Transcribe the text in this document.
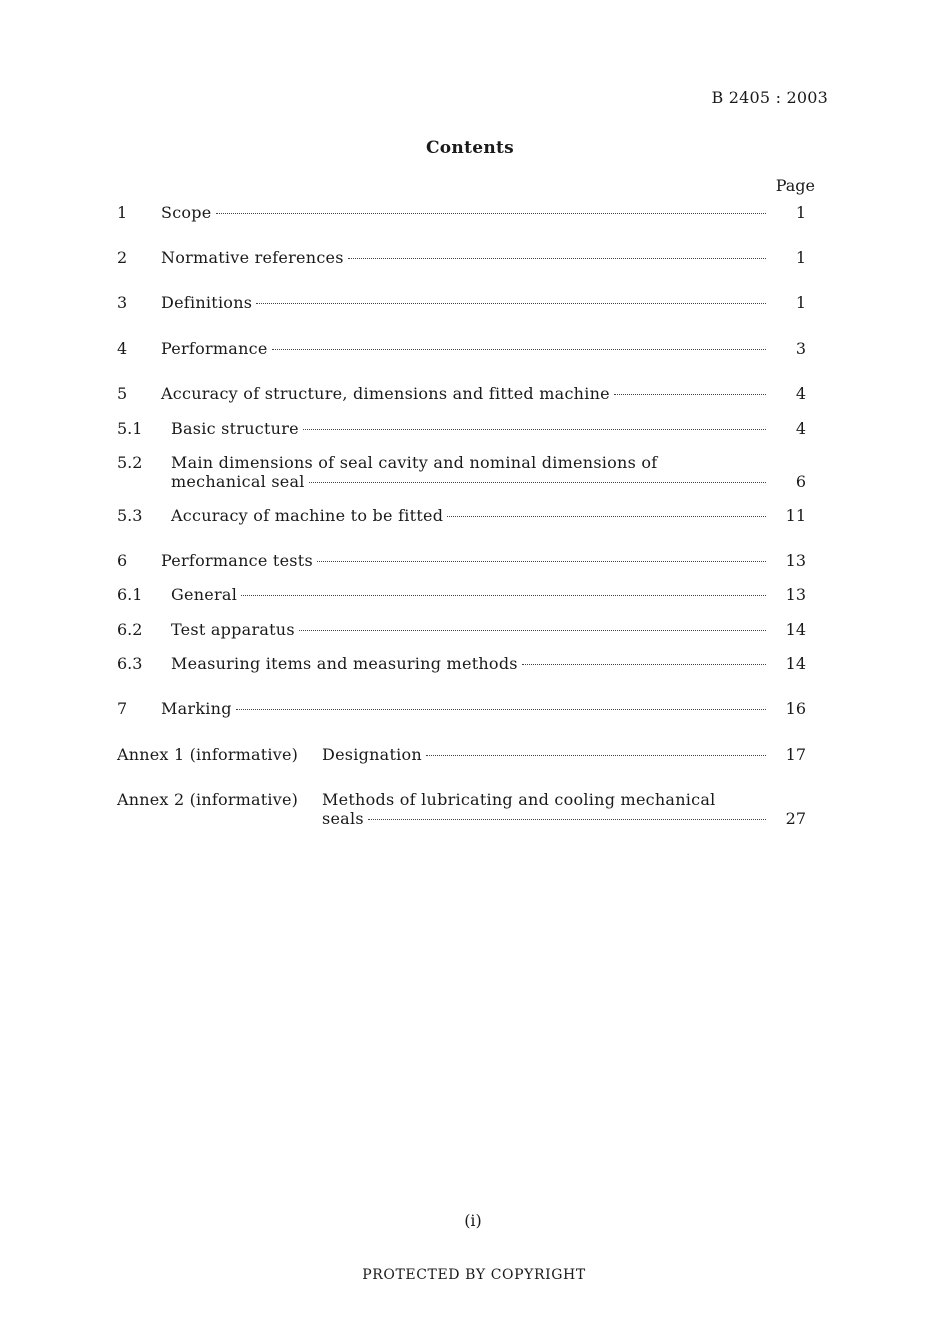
B 2405 : 2003
Contents
Page
1 Scope	1
2 Normative references	1
3 Definitions	1
4 Performance	3
5 Accuracy of structure, dimensions and fitted machine	4
5.1 Basic structure	4
5.2 Main dimensions of seal cavity and nominal dimensions of
mechanical seal	6
5.3 Accuracy of machine to be fitted	11
6 Performance tests	13
6.1 General	13
6.2 Test apparatus	14
6.3 Measuring items and measuring methods	14
7 Marking	16
Annex 1 (informative) Designation	17
Annex 2 (informative) Methods of lubricating and cooling mechanical
seals	27
(i)
PROTECTED BY COPYRIGHT
